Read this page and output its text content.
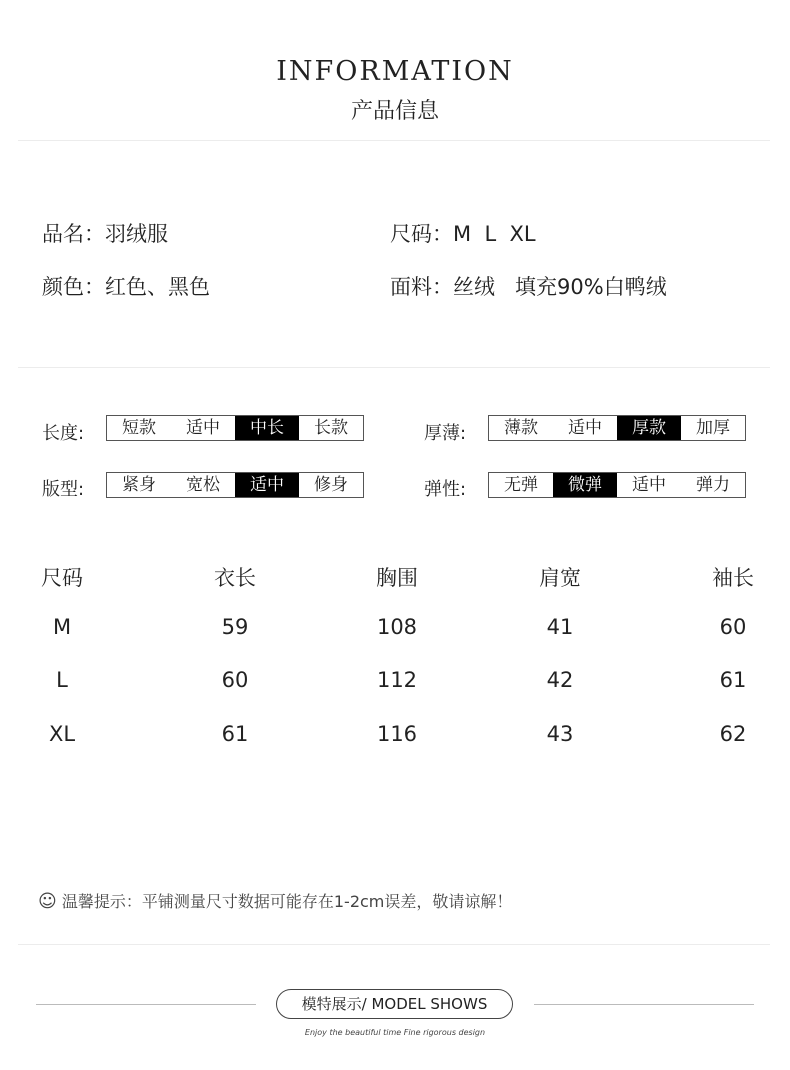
INFORMATION
产品信息
品名：羽绒服	尺码：M  L  XL
颜色：红色、黑色	面料：丝绒   填充90%白鸭绒
长度:	短款	适中	中长	长款	厚薄:	薄款	适中	厚款	加厚
版型:	紧身	宽松	适中	修身	弹性:	无弹	微弹	适中	弹力
尺码	衣长	胸围	肩宽	袖长
M	59	108	41	60
L	60	112	42	61
XL	61	116	43	62
☺ 温馨提示：平铺测量尺寸数据可能存在1-2cm误差，敬请谅解！
模特展示/ MODEL SHOWS
Enjoy the beautiful time Fine rigorous design
